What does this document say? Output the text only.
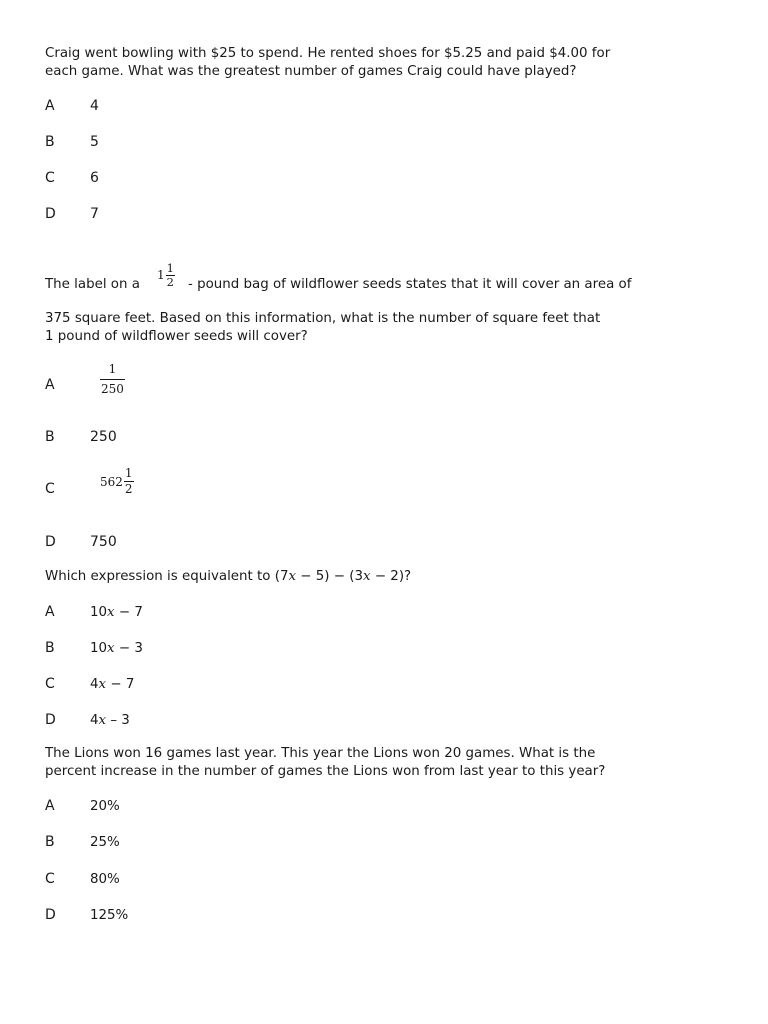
Craig went bowling with $25 to spend. He rented shoes for $5.25 and paid $4.00 for
each game. What was the greatest number of games Craig could have played?
A	4
B	5
C	6
D 7
The label on a
$1 \frac{1}{2}$ - pound bag of wildflower seeds states that it will cover an area of
375 square feet. Based on this information, what is the number of square feet that
1 pound of wildflower seeds will cover?
A	$\frac{1}{250}$
B	250
C	$562 \frac{1}{2}$
D 750
Which expression is equivalent to (7x − 5) − (3x − 2)?
A	10x − 7
B	10x − 3
C	4x − 7
D	4x – 3
The Lions won 16 games last year. This year the Lions won 20 games. What is the
percent increase in the number of games the Lions won from last year to this year?
A	20%
B	25%
C	80%
D	125%
